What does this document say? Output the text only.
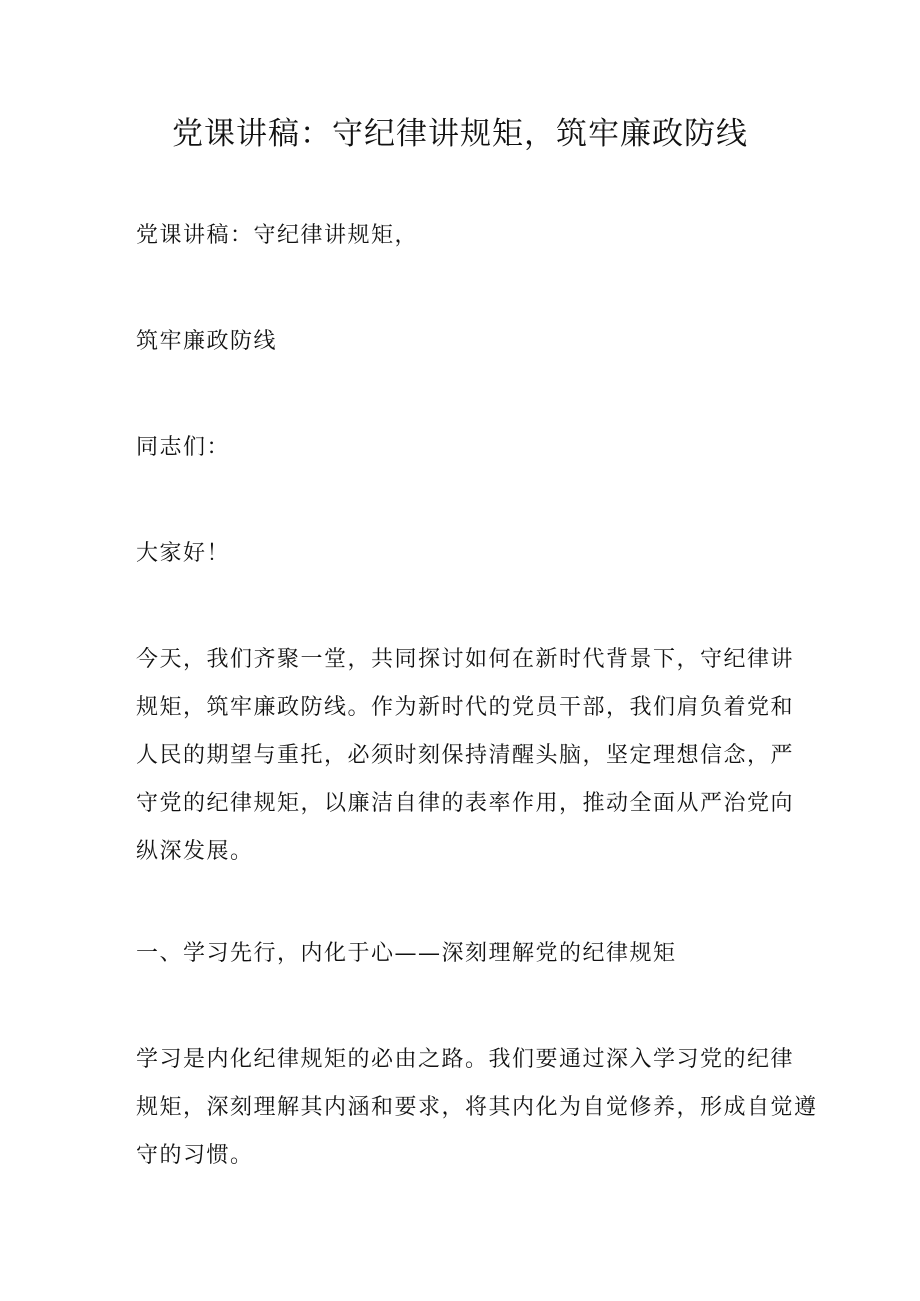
党课讲稿：守纪律讲规矩，筑牢廉政防线

党课讲稿：守纪律讲规矩，

筑牢廉政防线

同志们：

大家好！

今天，我们齐聚一堂，共同探讨如何在新时代背景下，守纪律讲
规矩，筑牢廉政防线。作为新时代的党员干部，我们肩负着党和
人民的期望与重托，必须时刻保持清醒头脑，坚定理想信念，严
守党的纪律规矩，以廉洁自律的表率作用，推动全面从严治党向
纵深发展。

一、学习先行，内化于心——深刻理解党的纪律规矩

学习是内化纪律规矩的必由之路。我们要通过深入学习党的纪律
规矩，深刻理解其内涵和要求，将其内化为自觉修养，形成自觉遵
守的习惯。
